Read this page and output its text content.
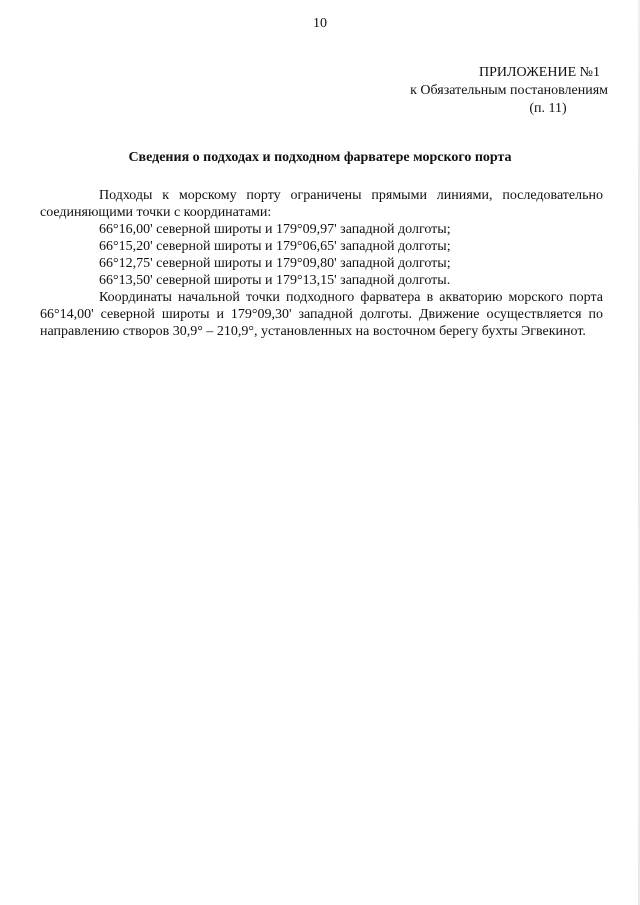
10
ПРИЛОЖЕНИЕ №1
к Обязательным постановлениям
(п. 11)
Сведения о подходах и подходном фарватере морского порта

Подходы к морскому порту ограничены прямыми линиями, последовательно соединяющими точки с координатами:

66°16,00' северной широты и 179°09,97' западной долготы;

66°15,20' северной широты и 179°06,65' западной долготы;

66°12,75' северной широты и 179°09,80' западной долготы;

66°13,50' северной широты и 179°13,15' западной долготы.

Координаты начальной точки подходного фарватера в акваторию морского порта 66°14,00' северной широты и 179°09,30' западной долготы. Движение осуществляется по направлению створов 30,9° – 210,9°, установленных на восточном берегу бухты Эгвекинот.
